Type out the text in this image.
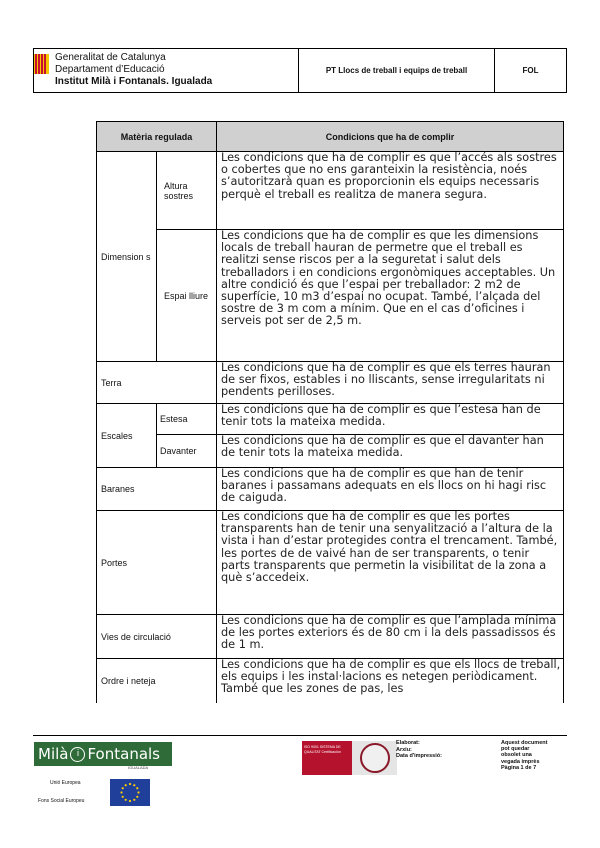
Generalitat de Catalunya
Departament d’Educació
Institut Milà i Fontanals. Igualada
PT Llocs de treball i equips de treball	FOL
Matèria regulada		Condicions que ha de complir
Dimension s	Altura sostres	Les condicions que ha de complir es que l’accés als sostres o cobertes que no ens garanteixin la resistència, noés s’autoritzarà quan es proporcionin els equips necessaris perquè el treball es realitza de manera segura.
	Espai lliure	Les condicions que ha de complir es que les dimensions locals de treball hauran de permetre que el treball es realitzi sense riscos per a la seguretat i salut dels treballadors i en condicions ergonòmiques acceptables. Un altre condició és que l’espai per treballador: 2 m2 de superfície, 10 m3 d’espai no ocupat. També, l’alçada del sostre de 3 m com a mínim. Que en el cas d’oficines i serveis pot ser de 2,5 m.
Terra		Les condicions que ha de complir es que els terres hauran de ser fixos, estables i no lliscants, sense irregularitats ni pendents perilloses.
Escales	Estesa	Les condicions que ha de complir es que l’estesa han de tenir tots la mateixa medida.
	Davanter	Les condicions que ha de complir es que el davanter han de tenir tots la mateixa medida.
Baranes		Les condicions que ha de complir es que han de tenir baranes i passamans adequats en els llocs on hi hagi risc de caiguda.
Portes		Les condicions que ha de complir es que les portes transparents han de tenir una senyalització a l’altura de la vista i han d’estar protegides contra el trencament. També, les portes de de vaivé han de ser transparents, o tenir parts transparents que permetin la visibilitat de la zona a què s’accedeix.
Vies de circulació		Les condicions que ha de complir es que l’amplada mínima de les portes exteriors és de 80 cm i la dels passadissos és de 1 m.
Ordre i neteja		Les condicions que ha de complir es que els llocs de treball, els equips i les instal·lacions es netegen periòdicament. També que les zones de pas, les
Milà i Fontanals
IGUALADA
Unió Europea
Fons Social Europeu
ISO 9001 SISTEMA DE QUALITAT Certificación
Elaborat:
Arxiu:
Data d'impressió:
Aquest document
pot quedar
obsolet una
vegada imprès
Pàgina 1 de 7
